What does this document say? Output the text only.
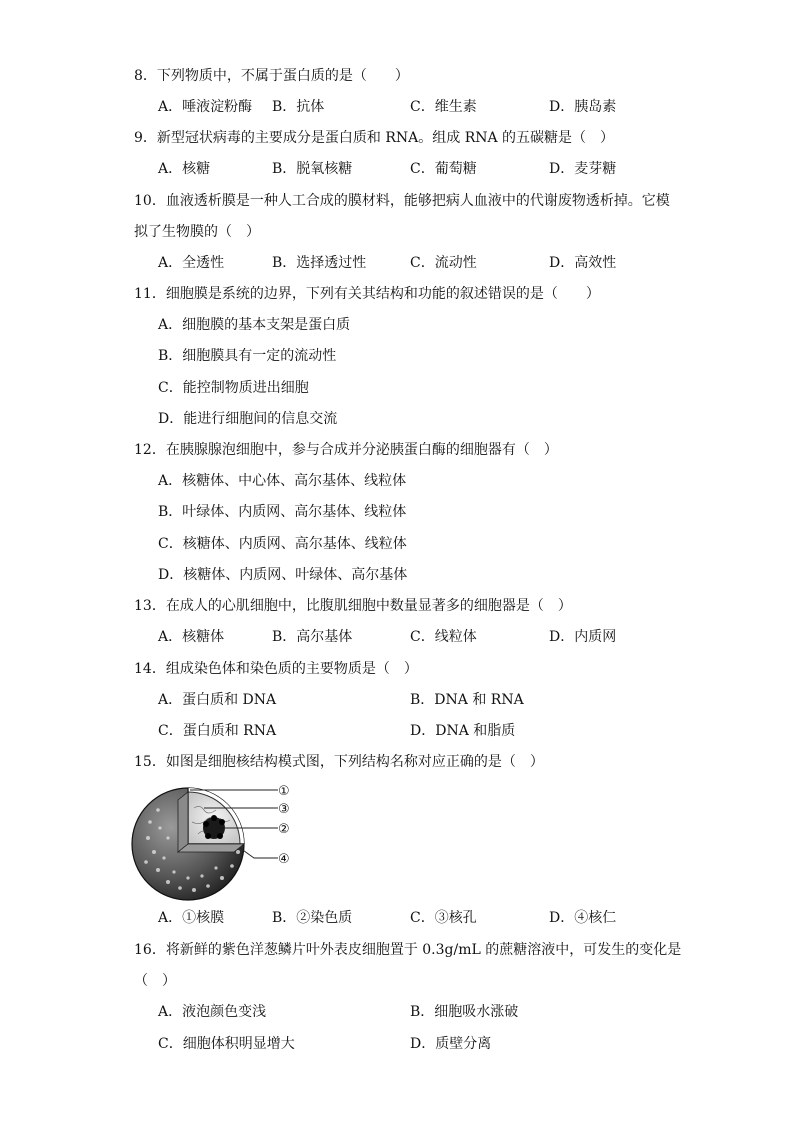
8．下列物质中，不属于蛋白质的是（　　）
A．唾液淀粉酶 B．抗体	C．维生素	D．胰岛素
9．新型冠状病毒的主要成分是蛋白质和 RNA。组成 RNA 的五碳糖是（　）
A．核糖	B．脱氧核糖	C．葡萄糖	D．麦芽糖
10．血液透析膜是一种人工合成的膜材料，能够把病人血液中的代谢废物透析掉。它模
拟了生物膜的（　）
A．全透性	B．选择透过性	C．流动性	D．高效性
11．细胞膜是系统的边界，下列有关其结构和功能的叙述错误的是（　　）
A．细胞膜的基本支架是蛋白质
B．细胞膜具有一定的流动性
C．能控制物质进出细胞
D．能进行细胞间的信息交流
12．在胰腺腺泡细胞中，参与合成并分泌胰蛋白酶的细胞器有（　）
A．核糖体、中心体、高尔基体、线粒体
B．叶绿体、内质网、高尔基体、线粒体
C．核糖体、内质网、高尔基体、线粒体
D．核糖体、内质网、叶绿体、高尔基体
13．在成人的心肌细胞中，比腹肌细胞中数量显著多的细胞器是（　）
A．核糖体	B．高尔基体	C．线粒体	D．内质网
14．组成染色体和染色质的主要物质是（　）
A．蛋白质和 DNA	B．DNA 和 RNA
C．蛋白质和 RNA	D．DNA 和脂质
15．如图是细胞核结构模式图，下列结构名称对应正确的是（　）
①
③
②
④
A．①核膜	B．②染色质	C．③核孔	D．④核仁
16．将新鲜的紫色洋葱鳞片叶外表皮细胞置于 0.3g/mL 的蔗糖溶液中，可发生的变化是
（　）
A．液泡颜色变浅	B．细胞吸水涨破
C．细胞体积明显增大	D．质壁分离
